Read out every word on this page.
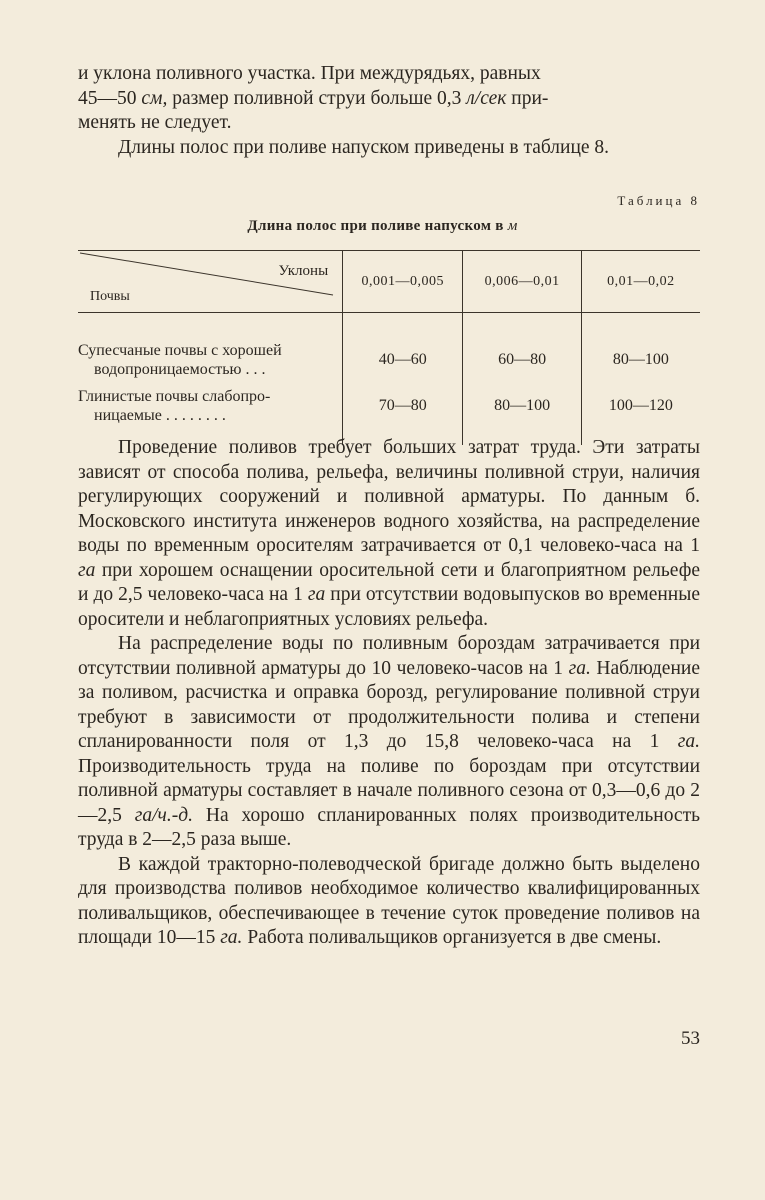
и уклона поливного участка. При междурядьях, равных
45—50 см, размер поливной струи больше 0,3 л/сек при-
менять не следует.

Длины полос при поливе напуском приведены в таблице 8.

Таблица 8
Длина полос при поливе напуском в м
Уклоны
Почвы	0,001—0,005	0,006—0,01	0,01—0,02

Супесчаные почвы с хорошей
водопроницаемостью . . .	40—60	60—80	80—100
Глинистые почвы слабопро-
ницаемые . . . . . . . .	70—80	80—100	100—120

Проведение поливов требует больших затрат труда. Эти затраты зависят от способа полива, рельефа, величины поливной струи, наличия регулирующих сооружений и поливной арматуры. По данным б. Московского института инженеров водного хозяйства, на распределение воды по временным оросителям затрачивается от 0,1 человеко-часа на 1 га при хорошем оснащении оросительной сети и благоприятном рельефе и до 2,5 человеко-часа на 1 га при отсутствии водовыпусков во временные оросители и неблагоприятных условиях рельефа.

На распределение воды по поливным бороздам затрачивается при отсутствии поливной арматуры до 10 человеко-часов на 1 га. Наблюдение за поливом, расчистка и оправка борозд, регулирование поливной струи требуют в зависимости от продолжительности полива и степени спланированности поля от 1,3 до 15,8 человеко-часа на 1 га. Производительность труда на поливе по бороздам при отсутствии поливной арматуры составляет в начале поливного сезона от 0,3—0,6 до 2—2,5 га/ч.-д. На хорошо спланированных полях производительность труда в 2—2,5 раза выше.

В каждой тракторно-полеводческой бригаде должно быть выделено для производства поливов необходимое количество квалифицированных поливальщиков, обеспечивающее в течение суток проведение поливов на площади 10—15 га. Работа поливальщиков организуется в две смены.

53
